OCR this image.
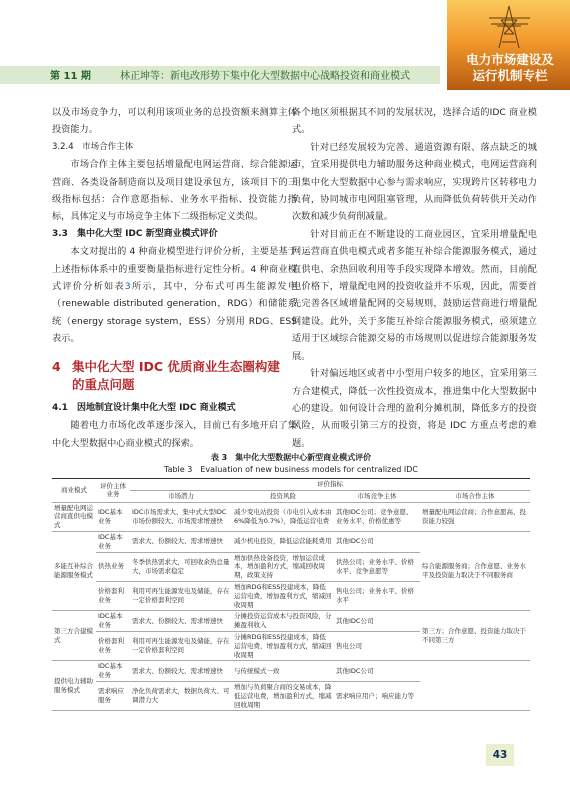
第 11 期	林正坤等：新电改形势下集中化大型数据中心战略投资和商业模式
电力市场建设及
运行机制专栏

以及市场竞争力，可以利用该项业务的总投资额来测算主体投资能力。

3.2.4　市场合作主体

市场合作主体主要包括增量配电网运营商、综合能源运营商、各类设备制造商以及项目建设承包方，该项目下的三级指标包括：合作意愿指标、业务水平指标、投资能力指标，具体定义与市场竞争主体下二级指标定义类似。

3.3　集中化大型 IDC 新型商业模式评价

本文对提出的 4 种商业模型进行评价分析，主要是基于上述指标体系中的重要衡量指标进行定性分析。4 种商业模式评价分析如表3所示，其中，分布式可再生能源发电（renewable distributed generation，RDG）和储能系统（energy storage system，ESS）分别用 RDG、ESS 表示。

4 集中化大型 IDC 优质商业生态圈构建
的重点问题

4.1　因地制宜设计集中化大型 IDC 商业模式

随着电力市场化改革逐步深入，目前已有多地开启了集中化大型数据中心商业模式的探索。

各个地区须根据其不同的发展状况，选择合适的IDC 商业模式。

针对已经发展较为完善、通道资源有限、落点缺乏的城市，宜采用提供电力辅助服务这种商业模式，电网运营商利用集中化大型数据中心参与需求响应，实现跨片区转移电力负荷，协同城市电网阻塞管理，从而降低负荷转供开关动作次数和减少负荷削减量。

针对目前正在不断建设的工商业园区，宜采用增量配电网运营商直供电模式或者多能互补综合能源服务模式，通过直供电、余热回收利用等手段实现降本增效。然而，目前配电价格下，增量配电网的投资收益并不乐观，因此，需要首先完善各区域增量配网的交易规则，鼓励运营商进行增量配网建设。此外，关于多能互补综合能源服务模式，亟须建立适用于区域综合能源交易的市场规则以促进综合能源服务发展。

针对偏远地区或者中小型用户较多的地区，宜采用第三方合建模式，降低一次性投资成本，推进集中化大型数据中心的建设。如何设计合理的盈利分摊机制，降低多方的投资风险，从而吸引第三方的投资，将是 IDC 方重点考虑的难题。

表 3　集中化大型数据中心新型商业模式评价
Table 3　Evaluation of new business models for centralized IDC
商业模式	评价主体业务	评价指标			
		市场潜力	投资风险	市场竞争主体	市场合作主体
增量配电网运营商直供电模式	IDC基本业务	IDC市场需求大、集中式大型IDC市场份额较大、市场需求增速快	减少变电站投资（市电引入成本由6%降低为0.7%），降低运营电费	其他IDC公司；竞争意愿、业务水平、价格优惠等	增量配电网运营商；合作意愿高、投资能力较强
多能互补综合能源服务模式	IDC基本业务	需求大、份额较大、需求增速快	减少机电投资，降低运营能耗费用	其他IDC公司	综合能源服务商；合作意愿、业务水平及投资能力取决于不同服务商
	供热业务	冬季供热需求大，可回收余热总量大，市场需求稳定	增加供热设备投资，增加运营成本，增加盈利方式，缩减回收周期，政策支持	供热公司；业务水平、价格水平、竞争意愿等	
	价格套利业务	利用可再生能源发电及储能，存在一定价格套利空间	增加RDG和ESS投建成本，降低运营电费，增加盈利方式，缩减回收周期	售电公司；业务水平、价格水平	
第三方合建模式	IDC基本业务	需求大、份额较大、需求增速快	分摊投资运营成本与投资风险，分摊盈利收入	其他IDC公司	第三方；合作意愿、投资能力取决于不同第三方
	价格套利业务	利用可再生能源发电及储能，存在一定价格套利空间	分摊RDG和ESS投建成本，降低运营电费，增加盈利方式，缩减回收周期	售电公司	
提供电力辅助服务模式	IDC基本业务	需求大、份额较大、需求增速快	与传统模式一致	其他IDC公司	
	需求响应服务	净化负荷需求大，数据负荷大、可调潜力大	增加与负荷聚合商的交易成本，降低运营电费，增加盈利方式，缩减回收周期	需求响应用户；响应能力等	
43
